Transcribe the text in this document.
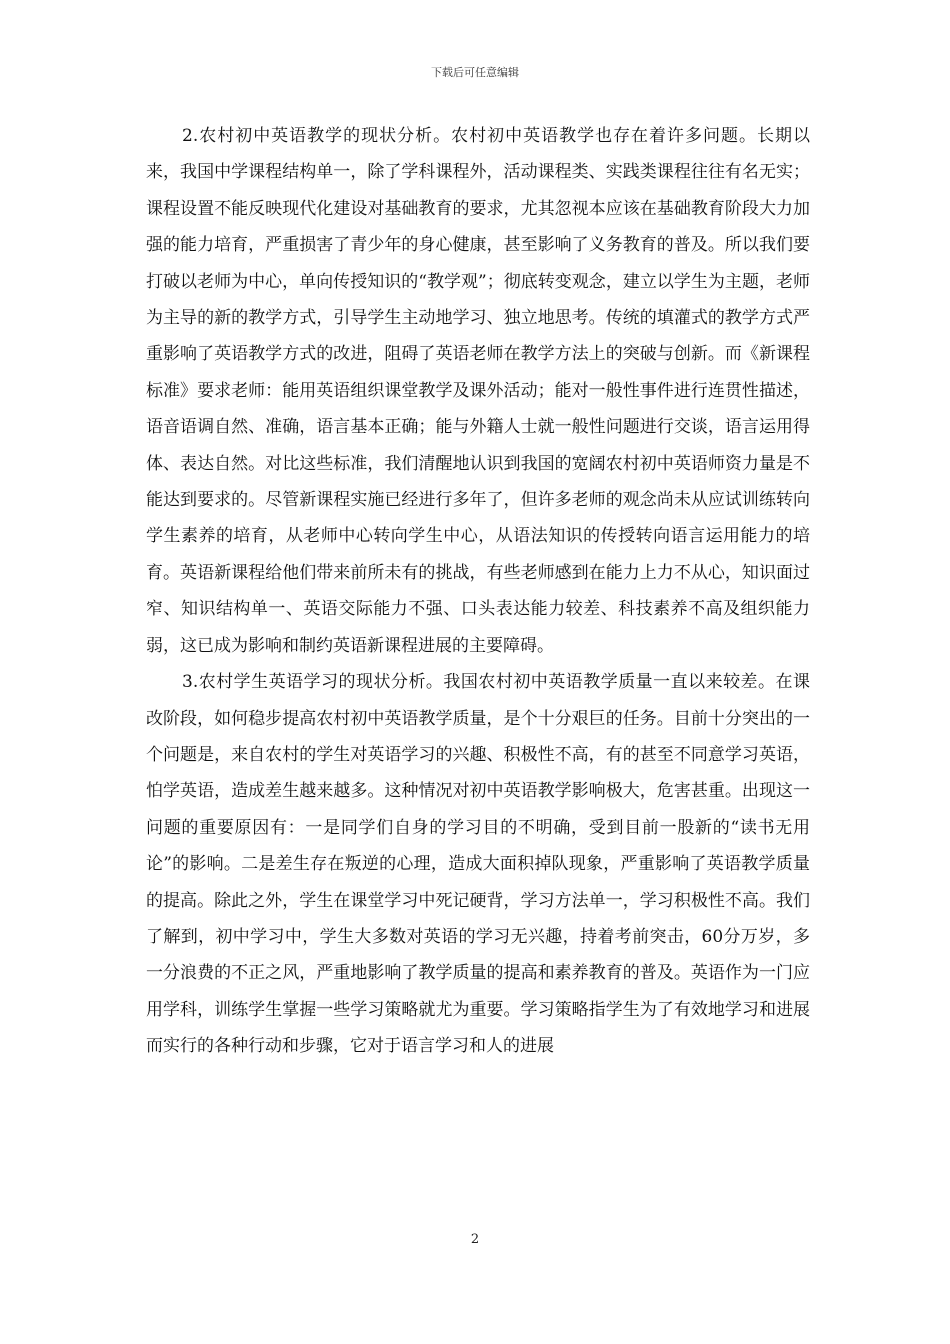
下载后可任意编辑

2.农村初中英语教学的现状分析。农村初中英语教学也存在着许多问题。长期以来，我国中学课程结构单一，除了学科课程外，活动课程类、实践类课程往往有名无实；课程设置不能反映现代化建设对基础教育的要求，尤其忽视本应该在基础教育阶段大力加强的能力培育，严重损害了青少年的身心健康，甚至影响了义务教育的普及。所以我们要打破以老师为中心，单向传授知识的“教学观”；彻底转变观念，建立以学生为主题，老师为主导的新的教学方式，引导学生主动地学习、独立地思考。传统的填灌式的教学方式严重影响了英语教学方式的改进，阻碍了英语老师在教学方法上的突破与创新。而《新课程标准》要求老师：能用英语组织课堂教学及课外活动；能对一般性事件进行连贯性描述，语音语调自然、准确，语言基本正确；能与外籍人士就一般性问题进行交谈，语言运用得体、表达自然。对比这些标准，我们清醒地认识到我国的宽阔农村初中英语师资力量是不能达到要求的。尽管新课程实施已经进行多年了，但许多老师的观念尚未从应试训练转向学生素养的培育，从老师中心转向学生中心，从语法知识的传授转向语言运用能力的培育。英语新课程给他们带来前所未有的挑战，有些老师感到在能力上力不从心，知识面过窄、知识结构单一、英语交际能力不强、口头表达能力较差、科技素养不高及组织能力弱，这已成为影响和制约英语新课程进展的主要障碍。

3.农村学生英语学习的现状分析。我国农村初中英语教学质量一直以来较差。在课改阶段，如何稳步提高农村初中英语教学质量，是个十分艰巨的任务。目前十分突出的一个问题是，来自农村的学生对英语学习的兴趣、积极性不高，有的甚至不同意学习英语，怕学英语，造成差生越来越多。这种情况对初中英语教学影响极大，危害甚重。出现这一问题的重要原因有：一是同学们自身的学习目的不明确，受到目前一股新的“读书无用论”的影响。二是差生存在叛逆的心理，造成大面积掉队现象，严重影响了英语教学质量的提高。除此之外，学生在课堂学习中死记硬背，学习方法单一，学习积极性不高。我们了解到，初中学习中，学生大多数对英语的学习无兴趣，持着考前突击，60分万岁，多一分浪费的不正之风，严重地影响了教学质量的提高和素养教育的普及。英语作为一门应用学科，训练学生掌握一些学习策略就尤为重要。学习策略指学生为了有效地学习和进展而实行的各种行动和步骤，它对于语言学习和人的进展

2
